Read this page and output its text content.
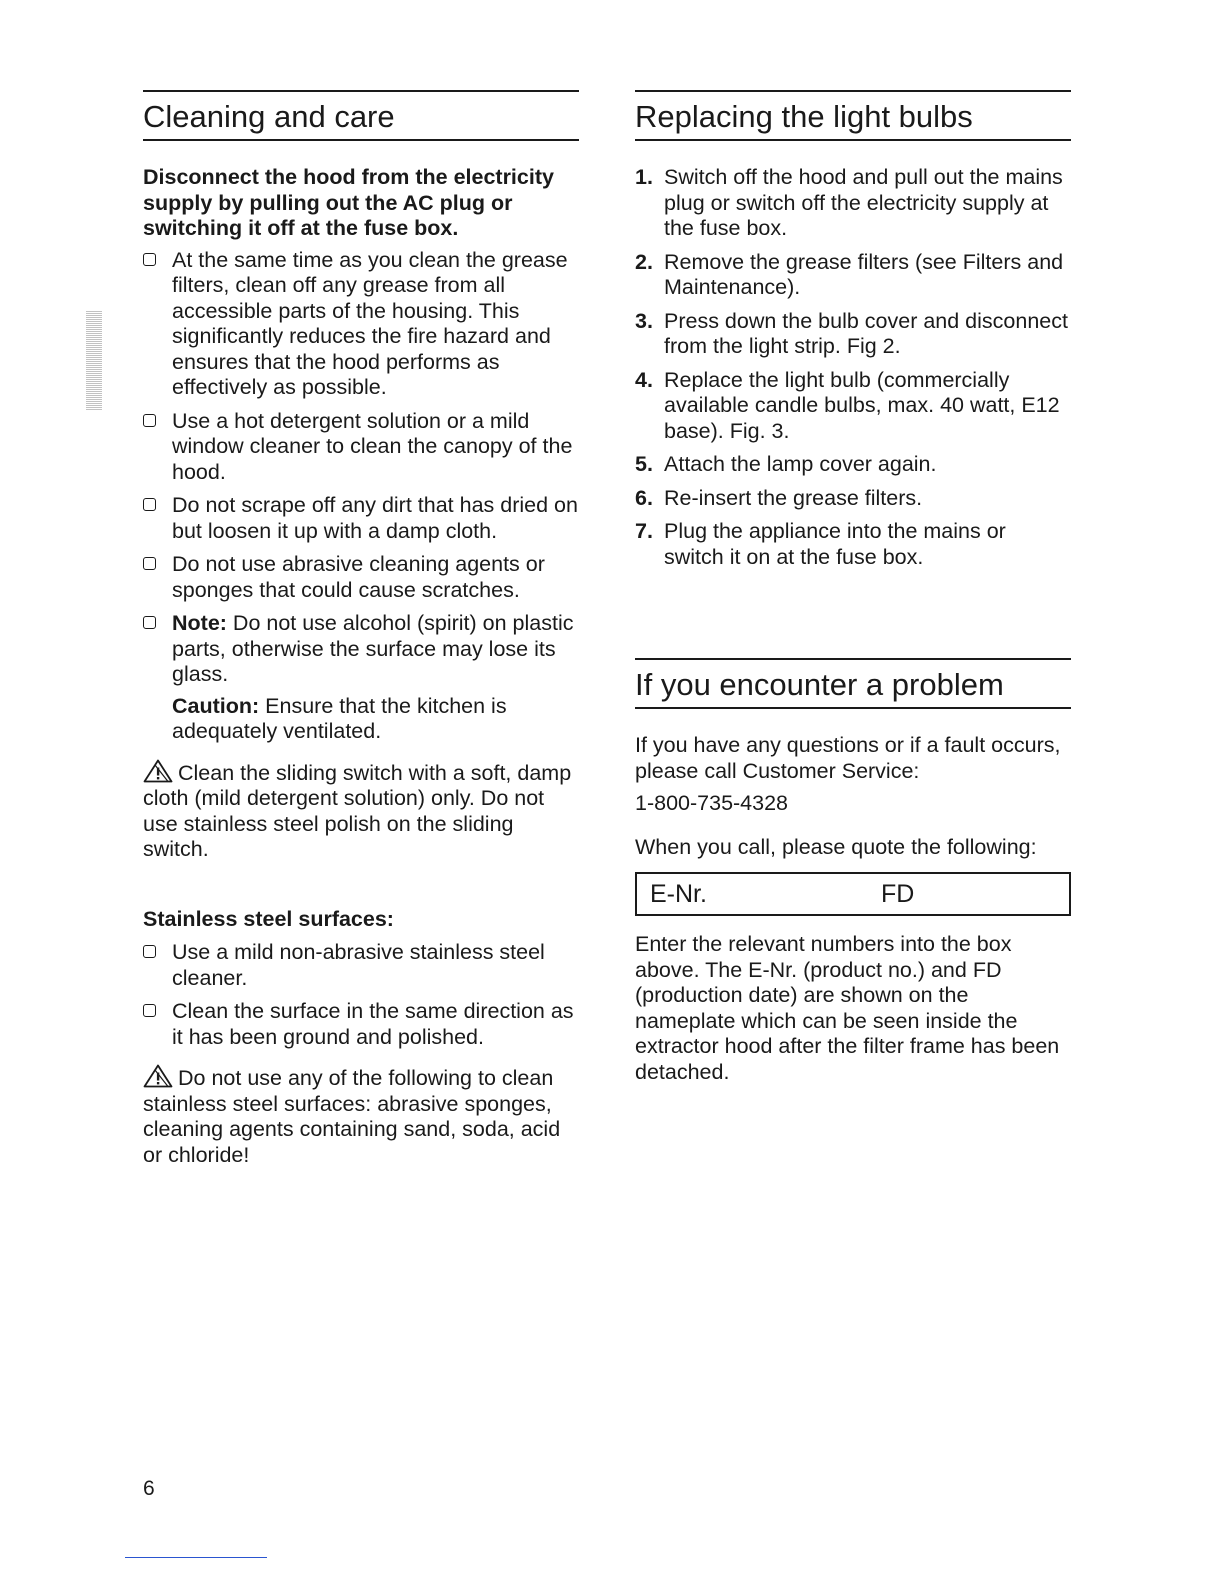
Cleaning and care

Disconnect the hood from the electricity supply by pulling out the AC plug or switching it off at the fuse box.

At the same time as you clean the grease filters, clean off any grease from all accessible parts of the housing. This significantly reduces the fire hazard and ensures that the hood performs as effectively as possible.
Use a hot detergent solution or a mild window cleaner to clean the canopy of the hood.
Do not scrape off any dirt that has dried on but loosen it up with a damp cloth.
Do not use abrasive cleaning agents or sponges that could cause scratches.
Note: Do not use alcohol (spirit) on plastic parts, otherwise the surface may lose its glass.

Caution: Ensure that the kitchen is adequately ventilated.

Clean the sliding switch with a soft, damp cloth (mild detergent solution) only. Do not use stainless steel polish on the sliding switch.

Stainless steel surfaces:

Use a mild non-abrasive stainless steel cleaner.
Clean the surface in the same direction as it has been ground and polished.

Do not use any of the following to clean stainless steel surfaces: abrasive sponges, cleaning agents containing sand, soda, acid or chloride!

Replacing the light bulbs
1. Switch off the hood and pull out the mains plug or switch off the electricity supply at the fuse box.
2. Remove the grease filters (see Filters and Maintenance).
3. Press down the bulb cover and disconnect from the light strip. Fig 2.
4. Replace the light bulb (commercially available candle bulbs, max. 40 watt, E12 base). Fig. 3.
5. Attach the lamp cover again.
6. Re-insert the grease filters.
7. Plug the appliance into the mains or switch it on at the fuse box.
If you encounter a problem

If you have any questions or if a fault occurs, please call Customer Service:

1-800-735-4328

When you call, please quote the following:

E-Nr.	FD

Enter the relevant numbers into the box above. The E-Nr. (product no.) and FD (production date) are shown on the nameplate which can be seen inside the extractor hood after the filter frame has been detached.

6
